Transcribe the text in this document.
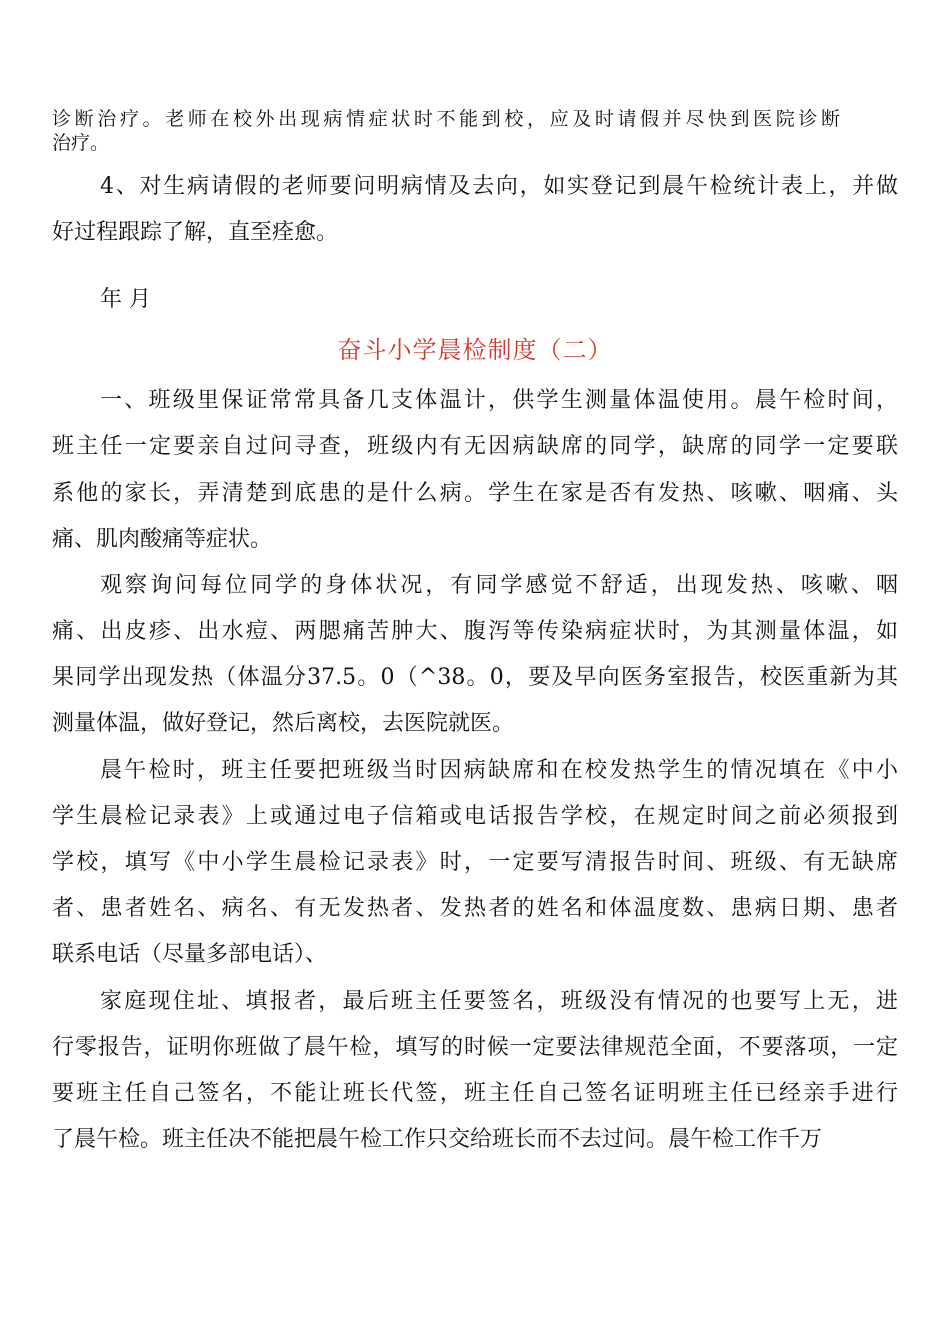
诊断治疗。老师在校外出现病情症状时不能到校，应及时请假并尽快到医院诊断
治疗。
4、对生病请假的老师要问明病情及去向，如实登记到晨午检统计表上，并做
好过程跟踪了解，直至痊愈。
年 月
奋斗小学晨检制度（二）
一、班级里保证常常具备几支体温计，供学生测量体温使用。晨午检时间，
班主任一定要亲自过问寻查，班级内有无因病缺席的同学，缺席的同学一定要联
系他的家长，弄清楚到底患的是什么病。学生在家是否有发热、咳嗽、咽痛、头
痛、肌肉酸痛等症状。
观察询问每位同学的身体状况，有同学感觉不舒适，出现发热、咳嗽、咽
痛、出皮疹、出水痘、两腮痛苦肿大、腹泻等传染病症状时，为其测量体温，如
果同学出现发热（体温分37.5。0（^38。0，要及早向医务室报告，校医重新为其
测量体温，做好登记，然后离校，去医院就医。
晨午检时，班主任要把班级当时因病缺席和在校发热学生的情况填在《中小
学生晨检记录表》上或通过电子信箱或电话报告学校，在规定时间之前必须报到
学校，填写《中小学生晨检记录表》时，一定要写清报告时间、班级、有无缺席
者、患者姓名、病名、有无发热者、发热者的姓名和体温度数、患病日期、患者
联系电话（尽量多部电话）、
家庭现住址、填报者，最后班主任要签名，班级没有情况的也要写上无，进
行零报告，证明你班做了晨午检，填写的时候一定要法律规范全面，不要落项，一定
要班主任自己签名，不能让班长代签，班主任自己签名证明班主任已经亲手进行
了晨午检。班主任决不能把晨午检工作只交给班长而不去过问。晨午检工作千万
